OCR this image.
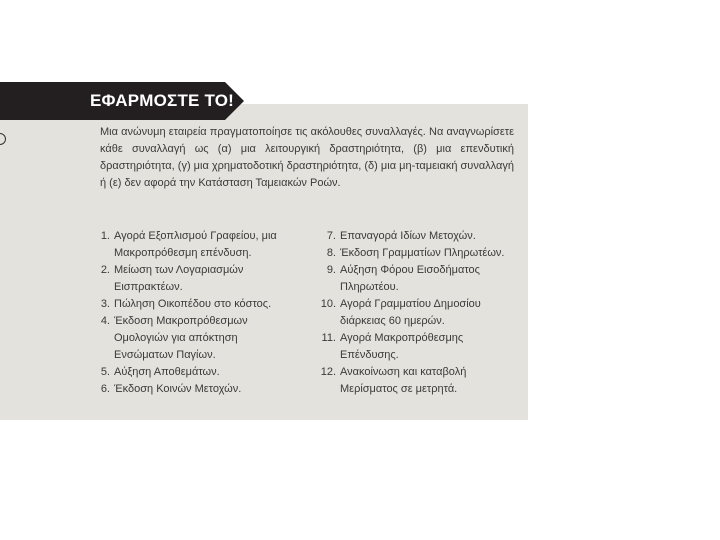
ΕΦΑΡΜΟΣΤΕ ΤΟ!
Μια ανώνυμη εταιρεία πραγματοποίησε τις ακόλουθες συναλλαγές. Να αναγνωρίσετε κάθε συναλλαγή ως (α) μια λειτουργική δραστηριότητα, (β) μια επενδυτική δραστηριότητα, (γ) μια χρηματοδοτική δραστηριότητα, (δ) μια μη-ταμειακή συναλλαγή ή (ε) δεν αφορά την Κατάσταση Ταμειακών Ροών.
1. Αγορά Εξοπλισμού Γραφείου, μια Μακροπρόθεσμη επένδυση.
2. Μείωση των Λογαριασμών Εισπρακτέων.
3. Πώληση Οικοπέδου στο κόστος.
4. Έκδοση Μακροπρόθεσμων Ομολογιών για απόκτηση Ενσώματων Παγίων.
5. Αύξηση Αποθεμάτων.
6. Έκδοση Κοινών Μετοχών.
7. Επαναγορά Ιδίων Μετοχών.
8. Έκδοση Γραμματίων Πληρωτέων.
9. Αύξηση Φόρου Εισοδήματος Πληρωτέου.
10. Αγορά Γραμματίου Δημοσίου διάρκειας 60 ημερών.
11. Αγορά Μακροπρόθεσμης Επένδυσης.
12. Ανακοίνωση και καταβολή Μερίσματος σε μετρητά.
